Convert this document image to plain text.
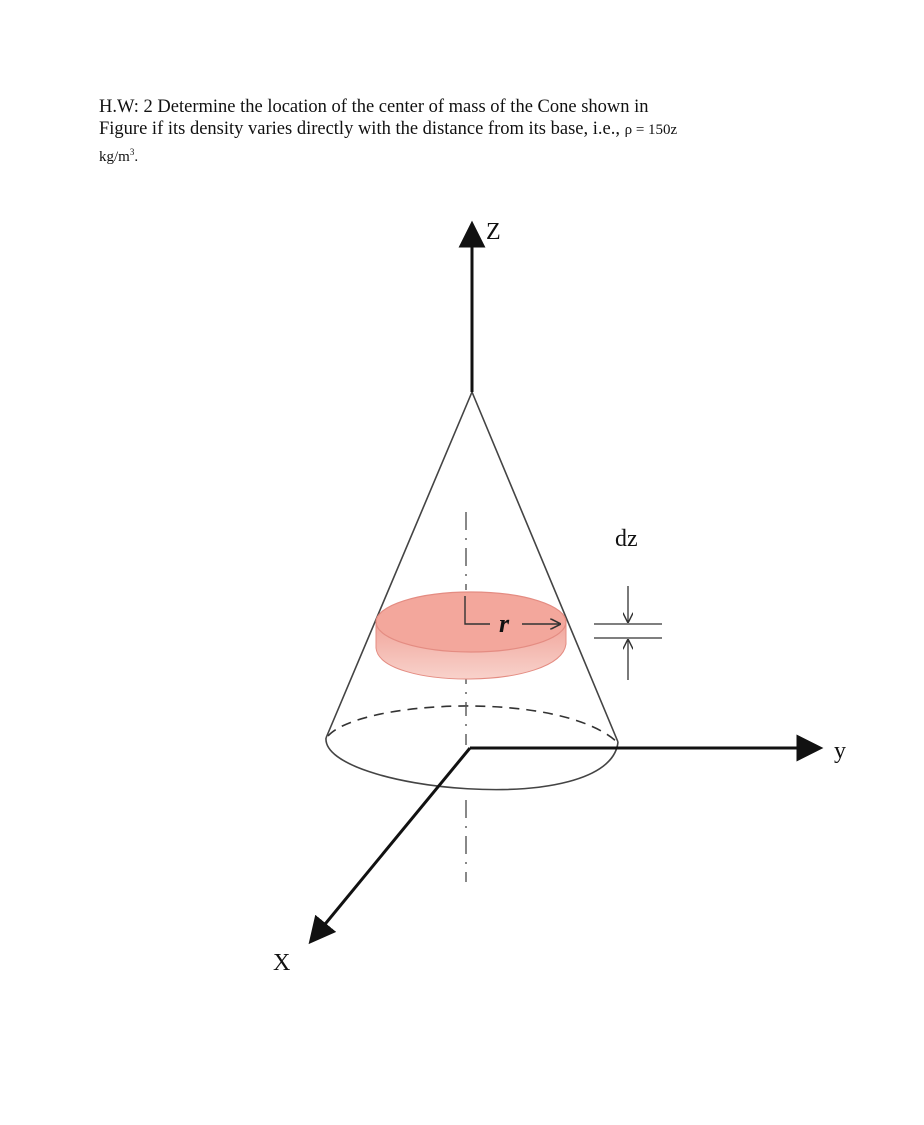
H.W: 2 Determine the location of the center of mass of the Cone shown in
Figure if its density varies directly with the distance from its base, i.e., ρ = 150z
$kg/m^3$.
r
dz
Z
y
X
